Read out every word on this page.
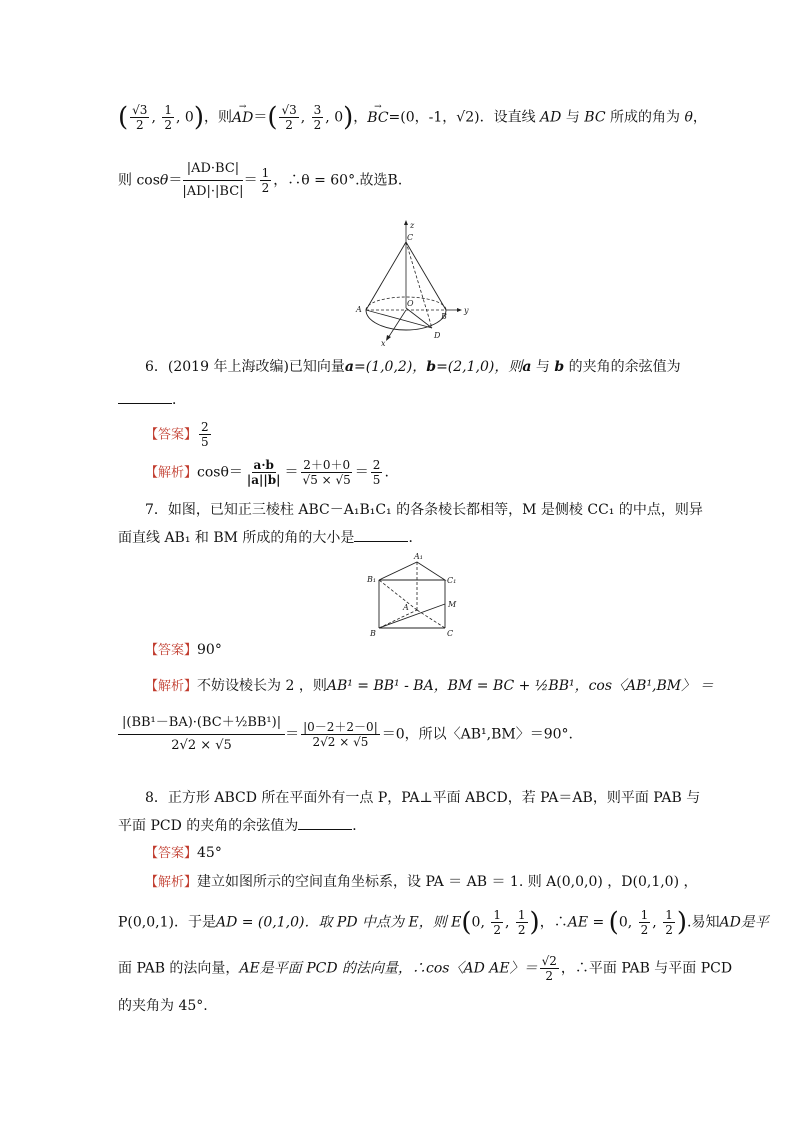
( $\frac{√3}{2}$ , $\frac{1}{2}$ , 0)，则→ $AD=( \frac{√3}{2}$ , $\frac{3}{2}$ , 0)，→ BC=(0，-1，√2)．设直线 AD 与 BC 所成的角为 θ，
则 $\cos\theta= \frac{|AD\cdot BC|}{|AD|\cdot|BC|} = \frac{1}{2}$ ，∴θ = 60°.故选B．
z
C
A
O
B
y
D
x
6．(2019 年上海改编)已知向量a=(1,0,2)，b=(2,1,0)，则a 与 b 的夹角的余弦值为
．
【答案】 $\frac{2}{5}$
【解析】$\cos\theta= \frac{a\cdot b}{|a||b|} = \frac{2+0+0}{√5 \times √5} = \frac{2}{5}$ .
7．如图，已知正三棱柱 ABC－A₁B₁C₁ 的各条棱长都相等，M 是侧棱 CC₁ 的中点，则异
面直线 AB₁ 和 BM 所成的角的大小是	．
A₁
B₁	C₁
A	M
B	C
【答案】90°
【解析】不妨设棱长为 2 ，则AB¹ = BB¹ - BA，BM = BC + ½BB¹，cos〈AB¹,BM〉 ＝
$\frac{\text{|(BB¹－BA)·(BC＋½BB¹)|}}{2√2 \times √5} = \frac{|0-2+2-0|}{2√2 \times √5} =0$，所以〈AB¹,BM〉＝90°.
8．正方形 ABCD 所在平面外有一点 P，PA⊥平面 ABCD，若 PA＝AB，则平面 PAB 与
平面 PCD 的夹角的余弦值为	．
【答案】45°
【解析】建立如图所示的空间直角坐标系，设 PA ＝ AB ＝ 1. 则 A(0,0,0) ，D(0,1,0) ，
P(0,0,1)．于是AD = (0,1,0)．取 PD 中点为 E，则 E(0, $\frac{1}{2}$ , $\frac{1}{2}$ )，∴AE = (0, $\frac{1}{2}$ , $\frac{1}{2}$ ).易知AD是平
面 PAB 的法向量，AE是平面 PCD 的法向量，∴cos〈AD AE〉＝ $\frac{√2}{2}$ ，∴平面 PAB 与平面 PCD
的夹角为 45°.
